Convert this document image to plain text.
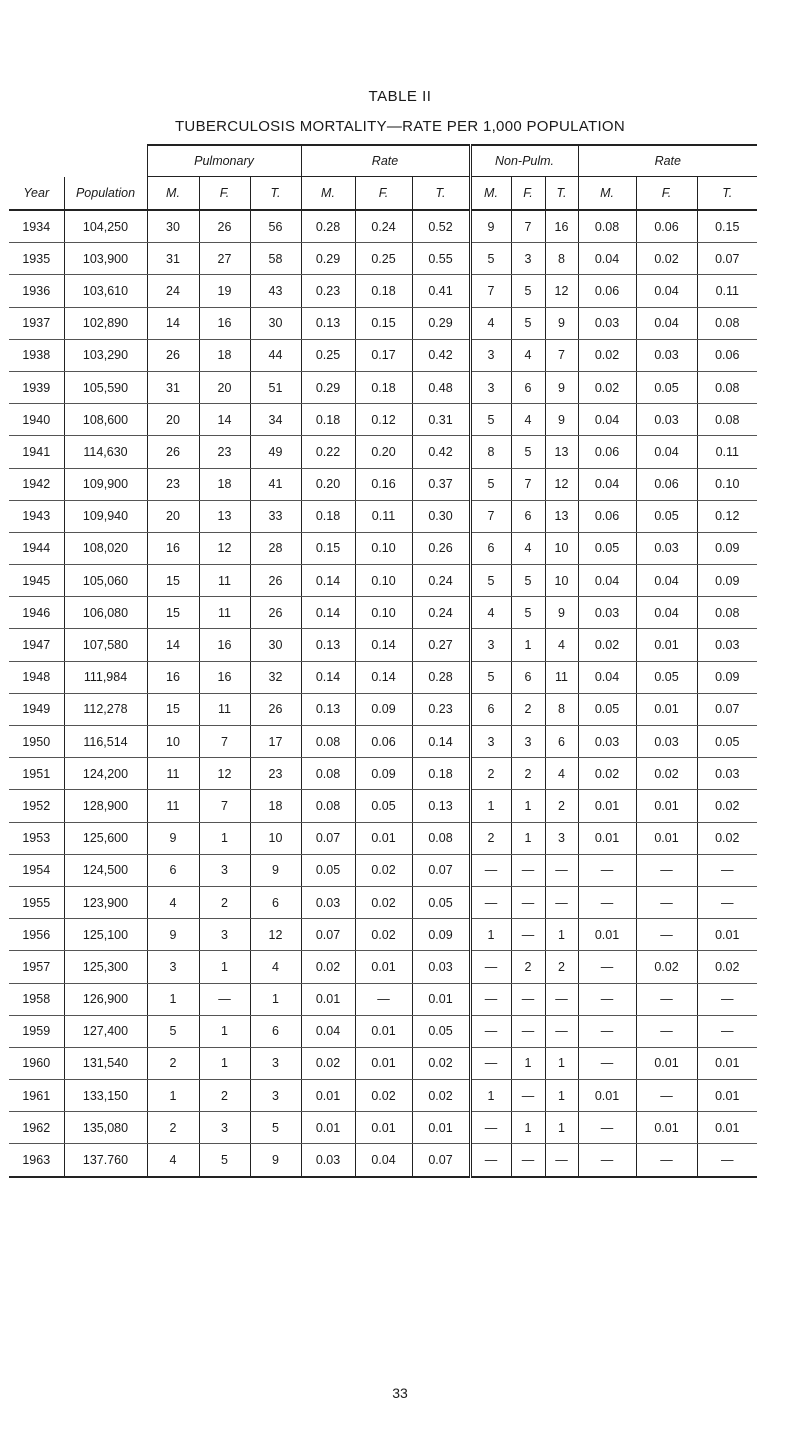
TABLE II
TUBERCULOSIS MORTALITY—RATE PER 1,000 POPULATION
		Pulmonary			Rate			Non-Pulm.			Rate		
Year	Population	M.	F.	T.	M.	F.	T.	M.	F.	T.	M.	F.	T.
1934	104,250	30	26	56	0.28	0.24	0.52	9	7	16	0.08	0.06	0.15
1935	103,900	31	27	58	0.29	0.25	0.55	5	3	8	0.04	0.02	0.07
1936	103,610	24	19	43	0.23	0.18	0.41	7	5	12	0.06	0.04	0.11
1937	102,890	14	16	30	0.13	0.15	0.29	4	5	9	0.03	0.04	0.08
1938	103,290	26	18	44	0.25	0.17	0.42	3	4	7	0.02	0.03	0.06
1939	105,590	31	20	51	0.29	0.18	0.48	3	6	9	0.02	0.05	0.08
1940	108,600	20	14	34	0.18	0.12	0.31	5	4	9	0.04	0.03	0.08
1941	114,630	26	23	49	0.22	0.20	0.42	8	5	13	0.06	0.04	0.11
1942	109,900	23	18	41	0.20	0.16	0.37	5	7	12	0.04	0.06	0.10
1943	109,940	20	13	33	0.18	0.11	0.30	7	6	13	0.06	0.05	0.12
1944	108,020	16	12	28	0.15	0.10	0.26	6	4	10	0.05	0.03	0.09
1945	105,060	15	11	26	0.14	0.10	0.24	5	5	10	0.04	0.04	0.09
1946	106,080	15	11	26	0.14	0.10	0.24	4	5	9	0.03	0.04	0.08
1947	107,580	14	16	30	0.13	0.14	0.27	3	1	4	0.02	0.01	0.03
1948	111,984	16	16	32	0.14	0.14	0.28	5	6	11	0.04	0.05	0.09
1949	112,278	15	11	26	0.13	0.09	0.23	6	2	8	0.05	0.01	0.07
1950	116,514	10	7	17	0.08	0.06	0.14	3	3	6	0.03	0.03	0.05
1951	124,200	11	12	23	0.08	0.09	0.18	2	2	4	0.02	0.02	0.03
1952	128,900	11	7	18	0.08	0.05	0.13	1	1	2	0.01	0.01	0.02
1953	125,600	9	1	10	0.07	0.01	0.08	2	1	3	0.01	0.01	0.02
1954	124,500	6	3	9	0.05	0.02	0.07	—	—	—	—	—	—
1955	123,900	4	2	6	0.03	0.02	0.05	—	—	—	—	—	—
1956	125,100	9	3	12	0.07	0.02	0.09	1	—	1	0.01	—	0.01
1957	125,300	3	1	4	0.02	0.01	0.03	—	2	2	—	0.02	0.02
1958	126,900	1	—	1	0.01	—	0.01	—	—	—	—	—	—
1959	127,400	5	1	6	0.04	0.01	0.05	—	—	—	—	—	—
1960	131,540	2	1	3	0.02	0.01	0.02	—	1	1	—	0.01	0.01
1961	133,150	1	2	3	0.01	0.02	0.02	1	—	1	0.01	—	0.01
1962	135,080	2	3	5	0.01	0.01	0.01	—	1	1	—	0.01	0.01
1963	137.760	4	5	9	0.03	0.04	0.07	—	—	—	—	—	—
33
